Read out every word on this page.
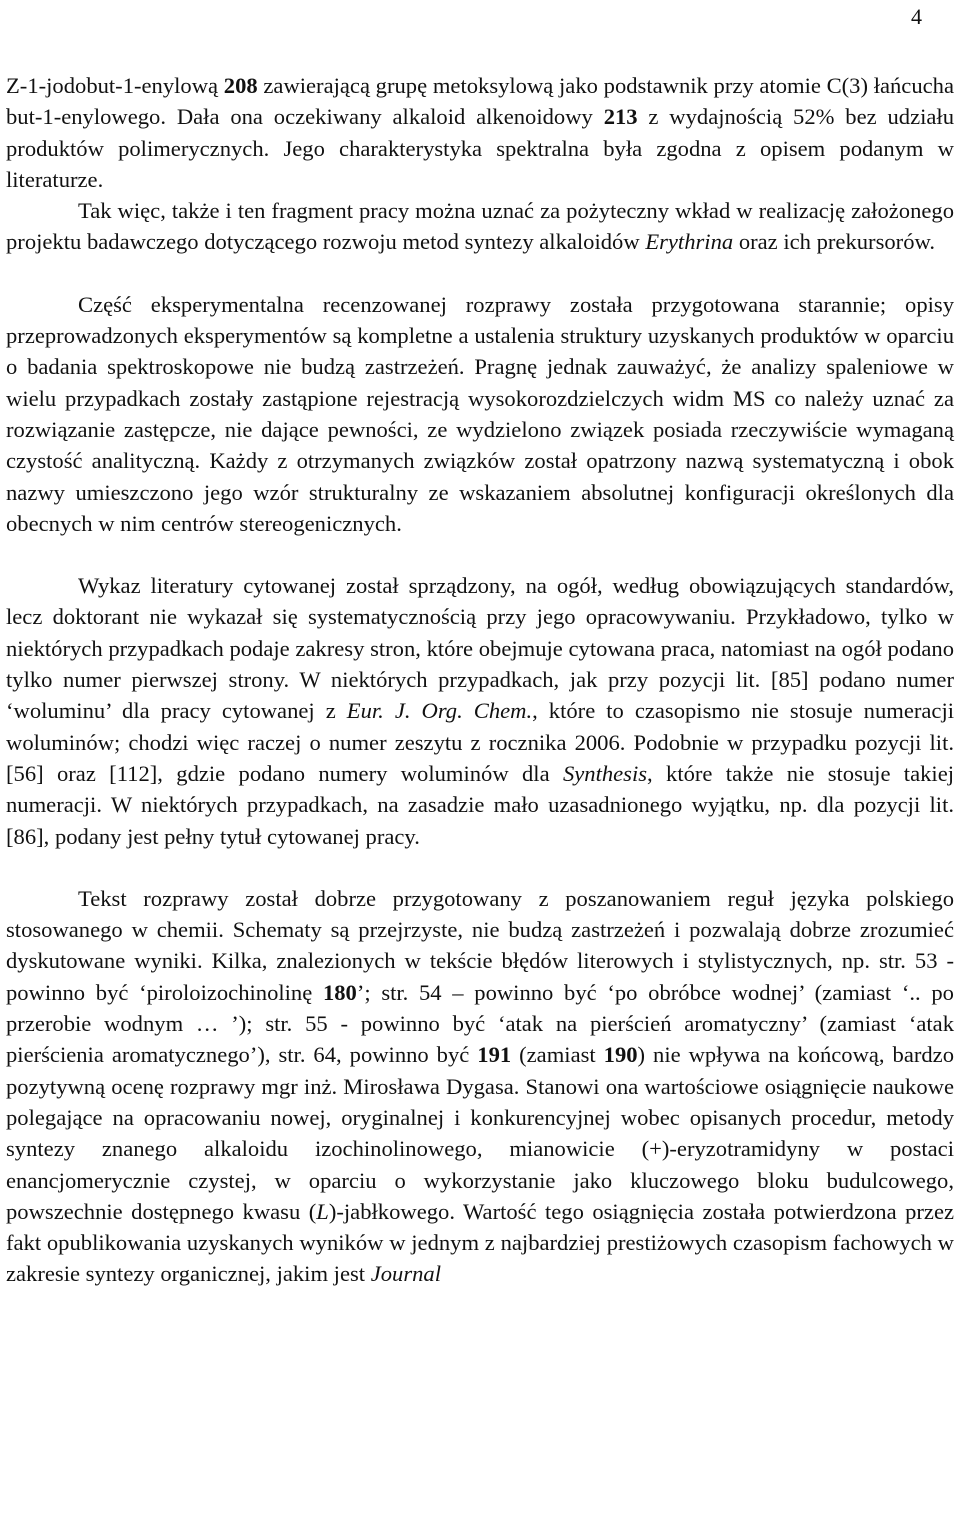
4

Z-1-jodobut-1-enylową 208 zawierającą grupę metoksylową jako podstawnik przy atomie C(3) łańcucha but-1-enylowego. Dała ona oczekiwany alkaloid alkenoidowy 213 z wydajnością 52% bez udziału produktów polimerycznych. Jego charakterystyka spektralna była zgodna z opisem podanym w literaturze.

Tak więc, także i ten fragment pracy można uznać za pożyteczny wkład w realizację założonego projektu badawczego dotyczącego rozwoju metod syntezy alkaloidów Erythrina oraz ich prekursorów.

Część eksperymentalna recenzowanej rozprawy została przygotowana starannie; opisy przeprowadzonych eksperymentów są kompletne a ustalenia struktury uzyskanych produktów w oparciu o badania spektroskopowe nie budzą zastrzeżeń. Pragnę jednak zauważyć, że analizy spaleniowe w wielu przypadkach zostały zastąpione rejestracją wysokorozdzielczych widm MS co należy uznać za rozwiązanie zastępcze, nie dające pewności, ze wydzielono związek posiada rzeczywiście wymaganą czystość analityczną. Każdy z otrzymanych związków został opatrzony nazwą systematyczną i obok nazwy umieszczono jego wzór strukturalny ze wskazaniem absolutnej konfiguracji określonych dla obecnych w nim centrów stereogenicznych.

Wykaz literatury cytowanej został sprządzony, na ogół, według obowiązujących standardów, lecz doktorant nie wykazał się systematycznością przy jego opracowywaniu. Przykładowo, tylko w niektórych przypadkach podaje zakresy stron, które obejmuje cytowana praca, natomiast na ogół podano tylko numer pierwszej strony. W niektórych przypadkach, jak przy pozycji lit. [85] podano numer ‘woluminu’ dla pracy cytowanej z Eur. J. Org. Chem., które to czasopismo nie stosuje numeracji woluminów; chodzi więc raczej o numer zeszytu z rocznika 2006. Podobnie w przypadku pozycji lit. [56] oraz [112], gdzie podano numery woluminów dla Synthesis, które także nie stosuje takiej numeracji. W niektórych przypadkach, na zasadzie mało uzasadnionego wyjątku, np. dla pozycji lit. [86], podany jest pełny tytuł cytowanej pracy.

Tekst rozprawy został dobrze przygotowany z poszanowaniem reguł języka polskiego stosowanego w chemii. Schematy są przejrzyste, nie budzą zastrzeżeń i pozwalają dobrze zrozumieć dyskutowane wyniki. Kilka, znalezionych w tekście błędów literowych i stylistycznych, np. str. 53 - powinno być ‘piroloizochinolinę 180’; str. 54 – powinno być ‘po obróbce wodnej’ (zamiast ‘.. po przerobie wodnym … ’); str. 55 - powinno być ‘atak na pierścień aromatyczny’ (zamiast ‘atak pierścienia aromatycznego’), str. 64, powinno być 191 (zamiast 190) nie wpływa na końcową, bardzo pozytywną ocenę rozprawy mgr inż. Mirosława Dygasa. Stanowi ona wartościowe osiągnięcie naukowe polegające na opracowaniu nowej, oryginalnej i konkurencyjnej wobec opisanych procedur, metody syntezy znanego alkaloidu izochinolinowego, mianowicie (+)-eryzotramidyny w postaci enancjomerycznie czystej, w oparciu o wykorzystanie jako kluczowego bloku budulcowego, powszechnie dostępnego kwasu (L)-jabłkowego. Wartość tego osiągnięcia została potwierdzona przez fakt opublikowania uzyskanych wyników w jednym z najbardziej prestiżowych czasopism fachowych w zakresie syntezy organicznej, jakim jest Journal
